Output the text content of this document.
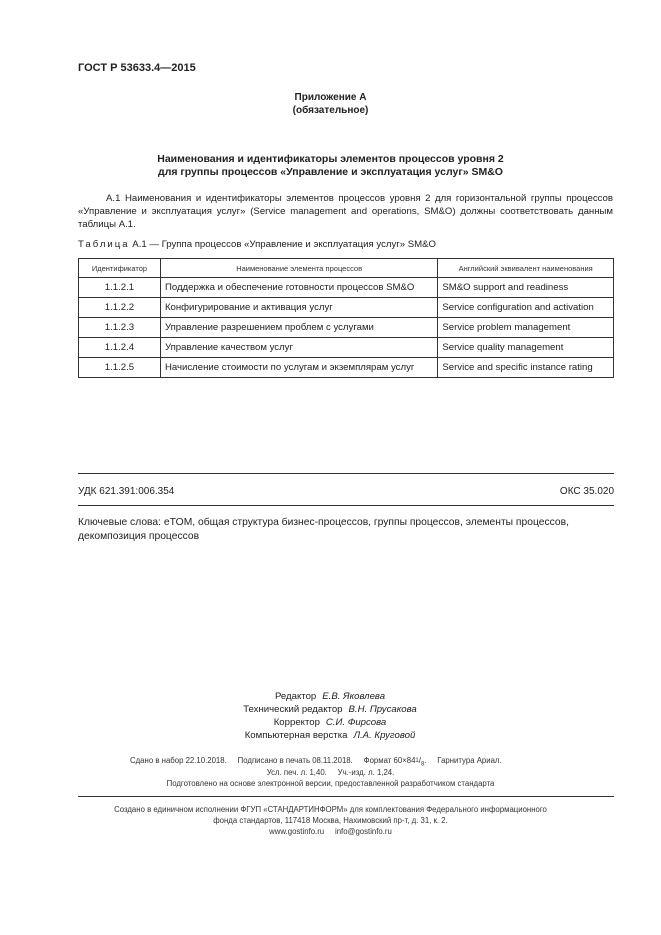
ГОСТ Р 53633.4—2015
Приложение А
(обязательное)
Наименования и идентификаторы элементов процессов уровня 2
для группы процессов «Управление и эксплуатация услуг» SM&O
А.1 Наименования и идентификаторы элементов процессов уровня 2 для горизонтальной группы процессов «Управление и эксплуатация услуг» (Service management and operations, SM&O) должны соответствовать данным таблицы А.1.
Таблица А.1 — Группа процессов «Управление и эксплуатация услуг» SM&O
Идентификатор	Наименование элемента процессов	Английский эквивалент наименования
1.1.2.1	Поддержка и обеспечение готовности процессов SM&O	SM&O support and readiness
1.1.2.2	Конфигурирование и активация услуг	Service configuration and activation
1.1.2.3	Управление разрешением проблем с услугами	Service problem management
1.1.2.4	Управление качеством услуг	Service quality management
1.1.2.5	Начисление стоимости по услугам и экземплярам услуг	Service and specific instance rating
УДК 621.391:006.354	ОКС 35.020
Ключевые слова: eTOM, общая структура бизнес-процессов, группы процессов, элементы процессов, декомпозиция процессов
Редактор Е.В. Яковлева
Технический редактор В.Н. Прусакова
Корректор С.И. Фирсова
Компьютерная верстка Л.А. Круговой
Сдано в набор 22.10.2018. Подписано в печать 08.11.2018. Формат $60\times 84^1/_8$.     Гарнитура Ариал.
Усл. печ. л. 1,40.     Уч.-изд. л. 1,24.
Подготовлено на основе электронной версии, предоставленной разработчиком стандарта
Создано в единичном исполнении ФГУП «СТАНДАРТИНФОРМ» для комплектования Федерального информационного
фонда стандартов, 117418 Москва, Нахимовский пр-т, д. 31, к. 2.
www.gostinfo.ru     info@gostinfo.ru
